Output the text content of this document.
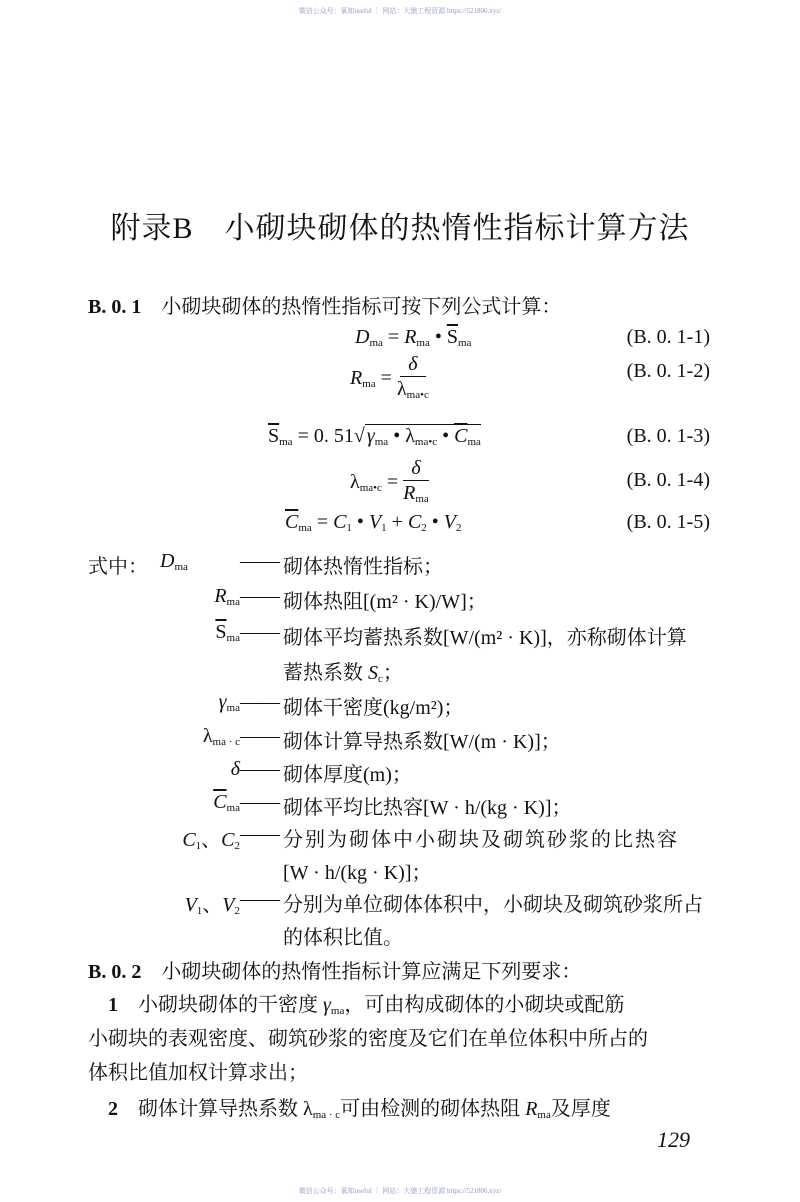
微信公众号：氧知useful ｜ 网站：大猿工程资源 https://521806.xyz/
附录B　小砌块砌体的热惰性指标计算方法
B. 0. 1　 小砌块砌体的热惰性指标可按下列公式计算：
$D_{ma} = R_{ma}$ • $\overline{S}_{ma}$	(B. 0. 1-1)
$R_{ma} = \frac{\delta}{\lambda_{ma•c}}$	(B. 0. 1-2)
$\overline{S}_{ma} = 0$. 51√ $\gamma_{ma}$ • $\lambda_{ma•c}$ • $\overline{C}_{ma}$	(B. 0. 1-3)
$\lambda_{ma•c} = \frac{\delta}{R_{ma}}$	(B. 0. 1-4)
$\overline{C}_{ma} = C_1$ • $V_1 + C_2$ • $V_2$	(B. 0. 1-5)
式中： $D_{ma}$	—— 砌体热惰性指标；
$R_{ma}$ —— 砌体热阻[(m² · K)/W]；
$\overline{S}_{ma}$ —— 砌体平均蓄热系数[W/(m² · K)]，亦称砌体计算
蓄热系数 $S_c$；
$\gamma_{ma}$ —— 砌体干密度(kg/m²)；
$\lambda_{ma \cdot c}$ —— 砌体计算导热系数[W/(m · K)]；
δ —— 砌体厚度(m)；
$\overline{C}_{ma}$ —— 砌体平均比热容[W · h/(kg · K)]；
$C_1$、$C_2$
—— 分别为砌体中小砌块及砌筑砂浆的比热容
[W · h/(kg · K)]；
$V_1$、$V_2$
—— 分别为单位砌体体积中，小砌块及砌筑砂浆所占
的体积比值。
B. 0. 2　 小砌块砌体的热惰性指标计算应满足下列要求：
1　 小砌块砌体的干密度 $\gamma_{ma}$，可由构成砌体的小砌块或配筋
小砌块的表观密度、砌筑砂浆的密度及它们在单位体积中所占的
体积比值加权计算求出；
2　 砌体计算导热系数 $\lambda_{ma \cdot c}$可由检测的砌体热阻 $R_{ma}$及厚度
129
微信公众号：氧知useful ｜ 网站：大猿工程资源 https://521806.xyz/
